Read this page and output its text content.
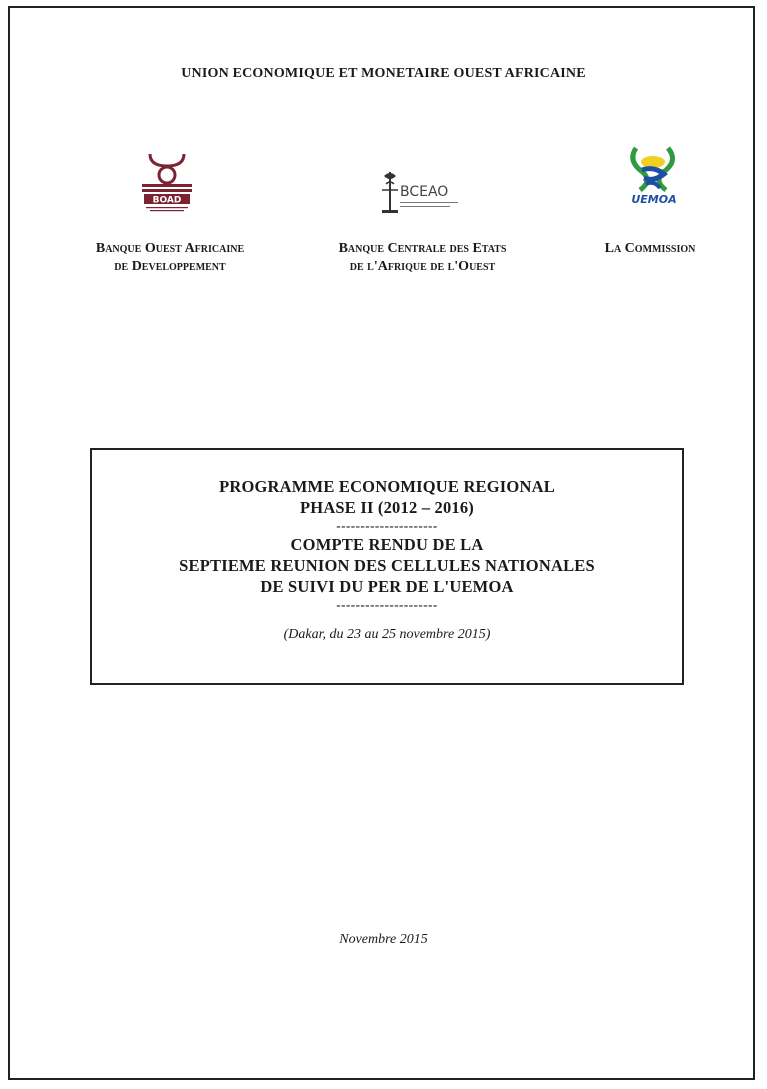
UNION ECONOMIQUE ET MONETAIRE OUEST AFRICAINE
BOAD
BCEAO	UEMOA
Banque Ouest Africaine
de Developpement
Banque Centrale des Etats
de l'Afrique de l'Ouest
La Commission
PROGRAMME ECONOMIQUE REGIONAL
PHASE II (2012 – 2016)
---------------------
COMPTE RENDU DE LA
SEPTIEME REUNION DES CELLULES NATIONALES
DE SUIVI DU PER DE L'UEMOA
---------------------
(Dakar, du 23 au 25 novembre 2015)
Novembre 2015
